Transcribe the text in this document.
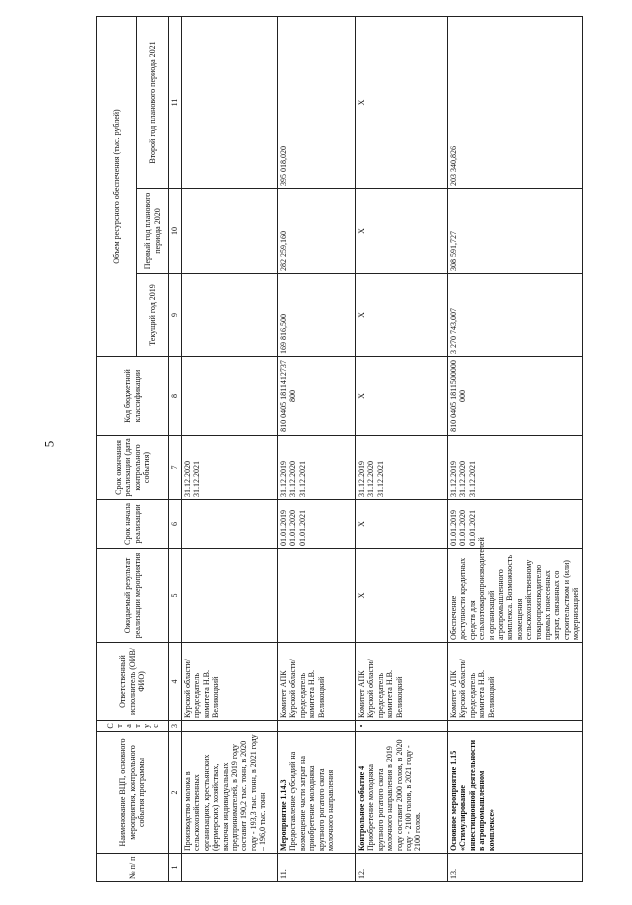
5
№ п/ п	Наименование ВЦП, основного мероприятия, контрольного события программы	С т а т у с	Ответственный исполнитель (ОИВ/ФИО)	Ожидаемый результат реализации мероприятия	Срок начала реализации	Срок окончания реализации (дата контрольного события)	Код бюджетной классификации	Объем ресурсного обеспечения (тыс. рублей)		
								Текущий год 2019	Первый год планового периода 2020	Второй год планового периода 2021
1	2	3	4	5	6	7	8	9	10	11
	Производство молока в сельскохозяйственных организациях, крестьянских (фермерских) хозяйствах, включая индивидуальных предпринимателей, в 2019 году составит 190,2 тыс. тонн, в 2020 году - 193,3 тыс. тонн, в 2021 году – 196,0 тыс. тонн		Курской области/председатель комитета Н.В. Великоцкий			31.12.2020 31.12.2021				
11.	Мероприятие 1.14.3 Предоставление субсидий на возмещение части затрат на приобретение молодняка крупного рогатого скота молочного направления		Комитет АПК Курской области/председатель комитета Н.В. Великоцкий		01.01.2019 01.01.2020 01.01.2021	31.12.2019 31.12.2020 31.12.2021	810 0405 1811412737 800	169 816,500	282 259,160	395 018,020
12.	Контрольное событие 4 Приобретение молодняка крупного рогатого скота молочного направления в 2019 году составит 2000 голов, в 2020 году - 2100 голов, в 2021 году - 2100 голов.	•	Комитет АПК Курской области/председатель комитета Н.В. Великоцкий	X	X	31.12.2019 31.12.2020 31.12.2021	X	X	X	X
13.	Основное мероприятие 1.15 «Стимулирование инвестиционной деятельности в агропромышленном комплексе»		Комитет АПК Курской области/председатель комитета Н.В. Великоцкий	Обеспечение доступности кредитных средств для сельхозтоваропроизводителей и организаций агропромышленного комплекса. Возможность возмещения сельскохозяйственному товаропроизводителю прямых понесенных затрат, связанных со строительством и (или) модернизацией	01.01.2019 01.01.2020 01.01.2021	31.12.2019 31.12.2020 31.12.2021	810 0405 1811500000 000	3 270 743,007	308 591,727	203 340,826
